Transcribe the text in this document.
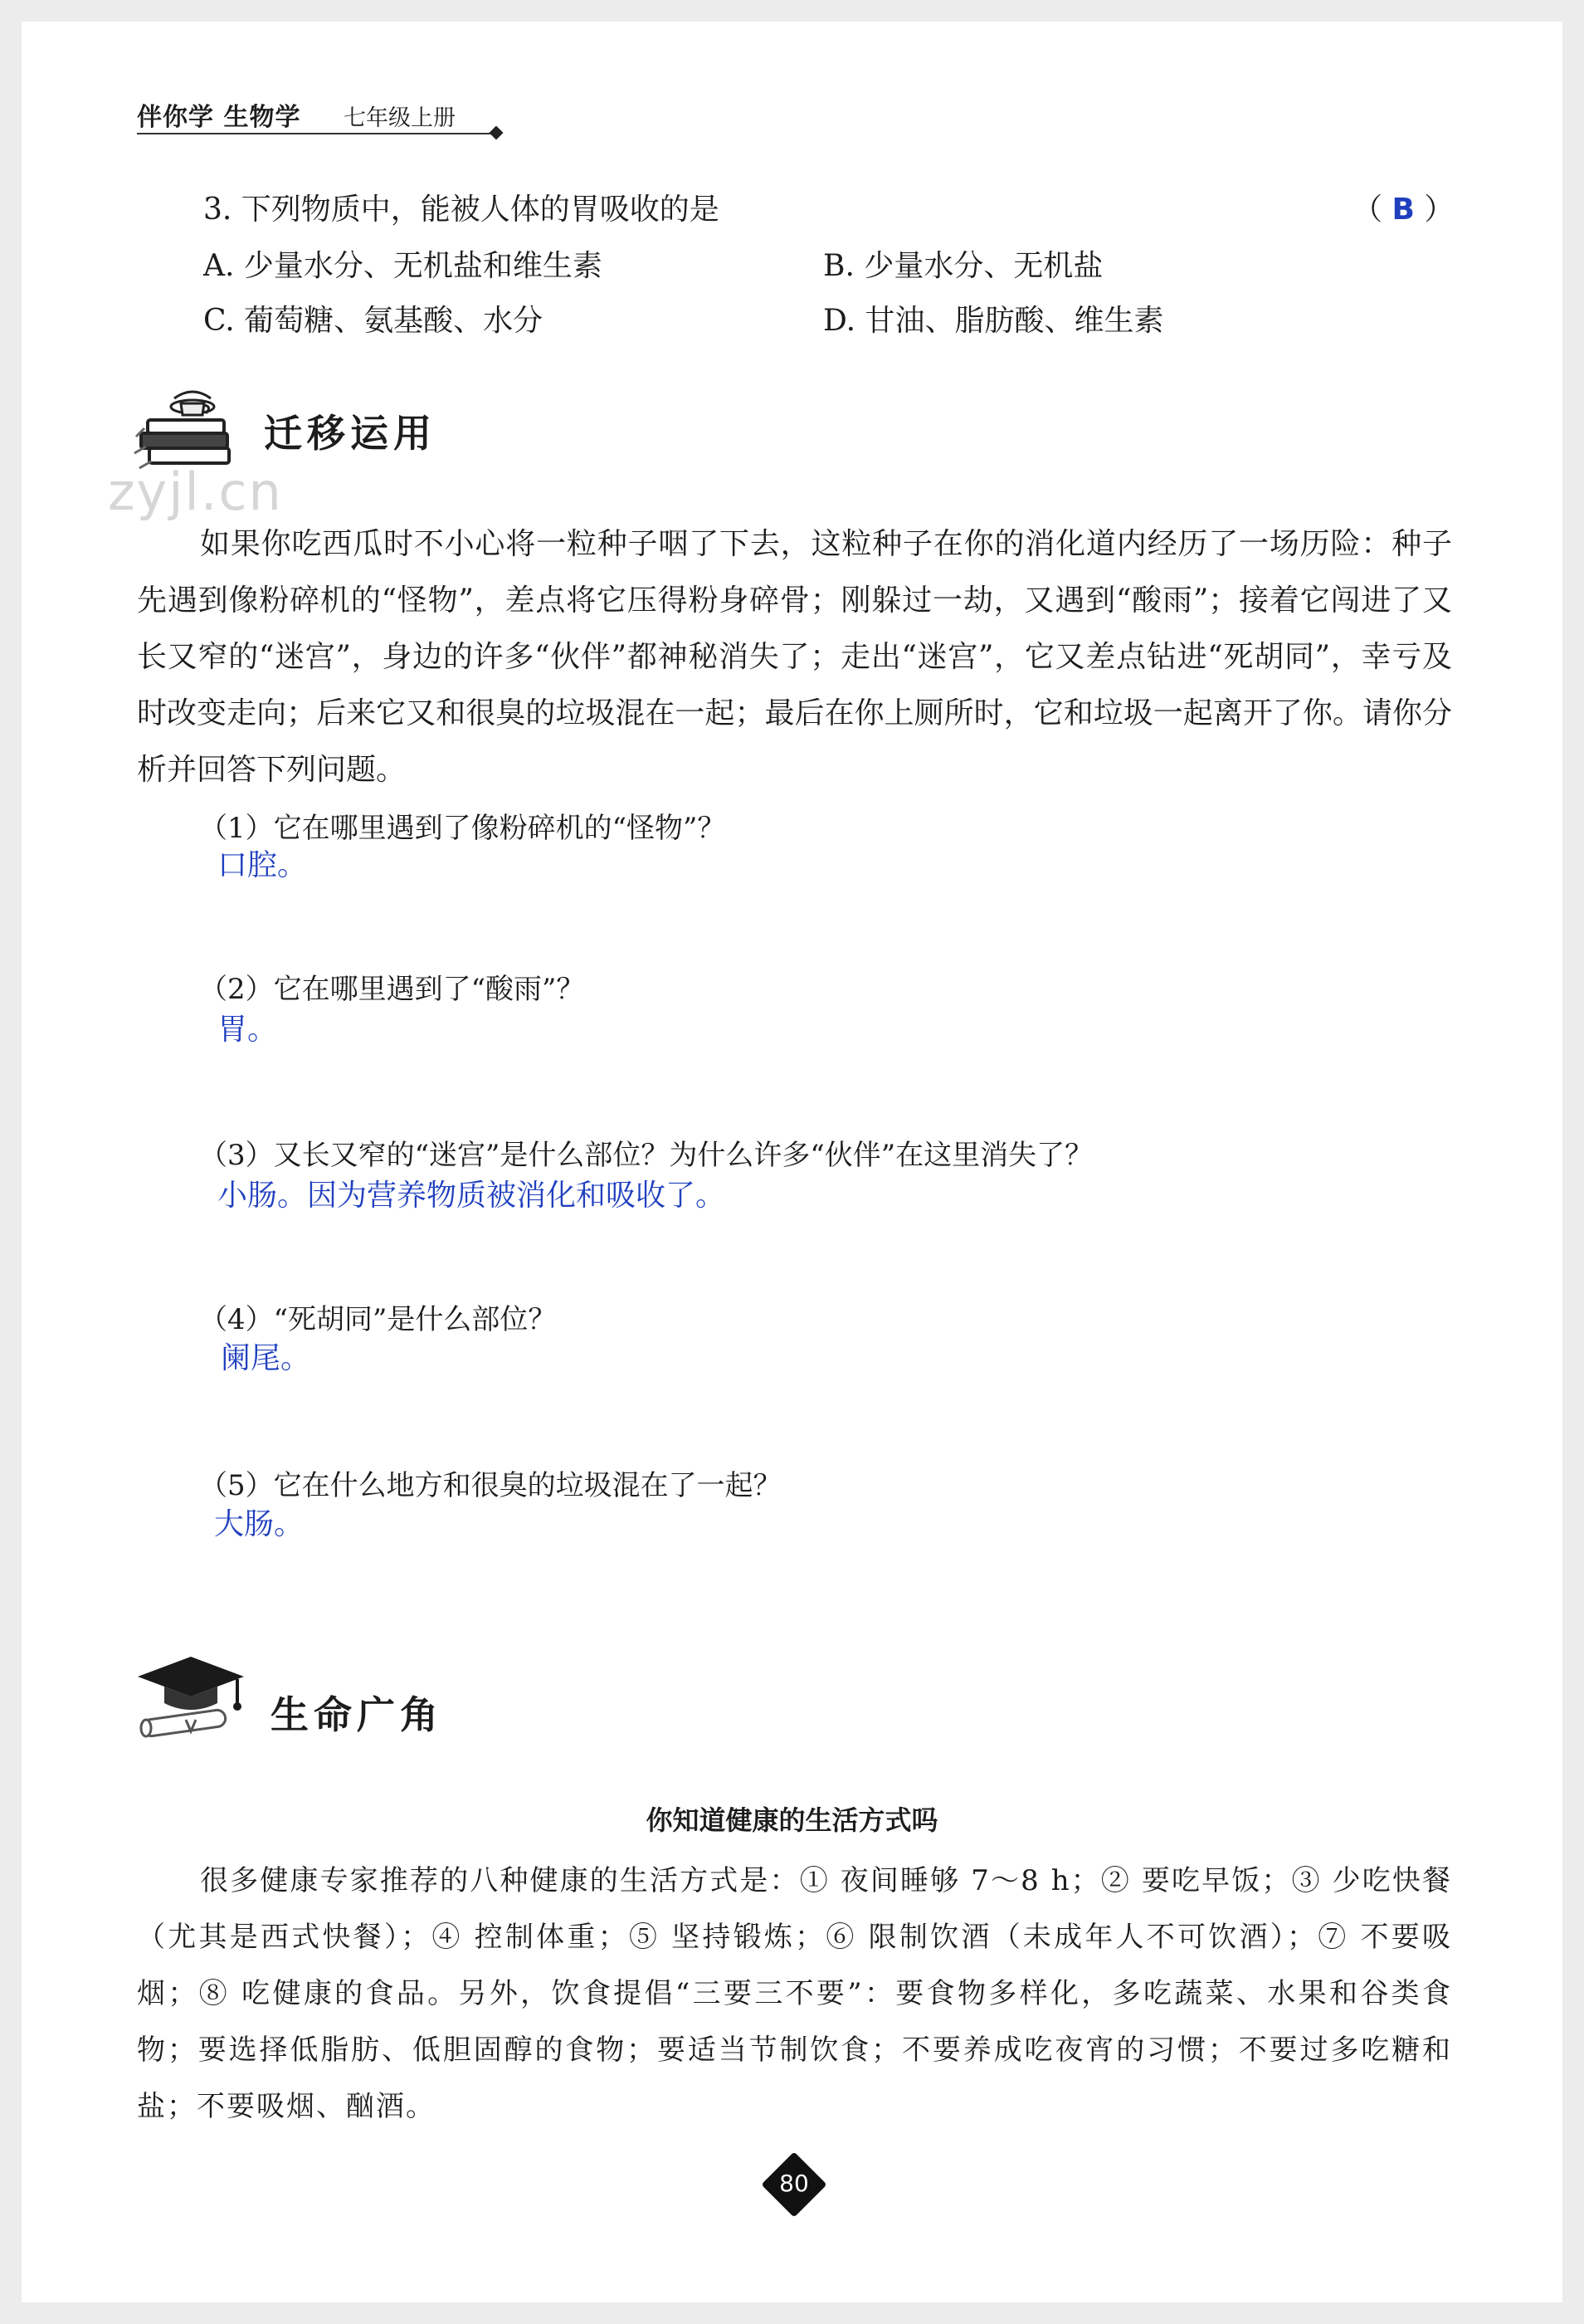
伴你学 生物学 七年级上册
3. 下列物质中，能被人体的胃吸收的是	（ B ）
A. 少量水分、无机盐和维生素	B. 少量水分、无机盐
C. 葡萄糖、氨基酸、水分	D. 甘油、脂肪酸、维生素
迁移运用
zyjl.cn

如果你吃西瓜时不小心将一粒种子咽了下去，这粒种子在你的消化道内经历了一场历险：种子先遇到像粉碎机的“怪物”，差点将它压得粉身碎骨；刚躲过一劫，又遇到“酸雨”；接着它闯进了又长又窄的“迷宫”，身边的许多“伙伴”都神秘消失了；走出“迷宫”，它又差点钻进“死胡同”，幸亏及时改变走向；后来它又和很臭的垃圾混在一起；最后在你上厕所时，它和垃圾一起离开了你。请你分析并回答下列问题。

（1）它在哪里遇到了像粉碎机的“怪物”？
口腔。
（2）它在哪里遇到了“酸雨”？
胃。
（3）又长又窄的“迷宫”是什么部位？为什么许多“伙伴”在这里消失了？
小肠。因为营养物质被消化和吸收了。
（4）“死胡同”是什么部位？
阑尾。
（5）它在什么地方和很臭的垃圾混在了一起？
大肠。
生命广角
你知道健康的生活方式吗

很多健康专家推荐的八种健康的生活方式是：① 夜间睡够 7～8 h；② 要吃早饭；③ 少吃快餐（尤其是西式快餐）；④ 控制体重；⑤ 坚持锻炼；⑥ 限制饮酒（未成年人不可饮酒）；⑦ 不要吸烟；⑧ 吃健康的食品。另外，饮食提倡“三要三不要”：要食物多样化，多吃蔬菜、水果和谷类食物；要选择低脂肪、低胆固醇的食物；要适当节制饮食；不要养成吃夜宵的习惯；不要过多吃糖和盐；不要吸烟、酗酒。

80
